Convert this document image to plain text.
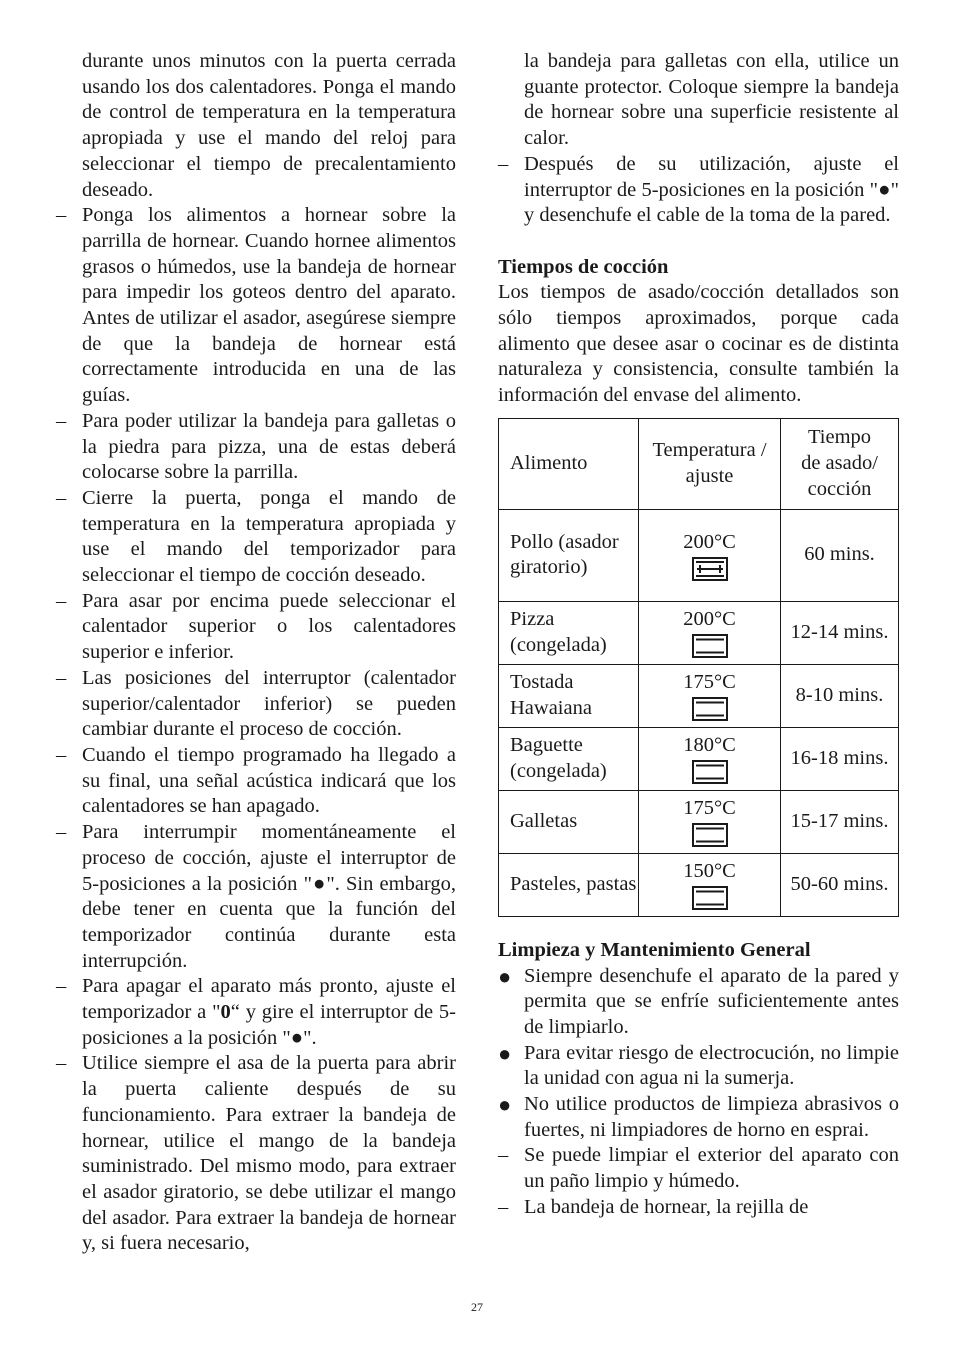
durante unos minutos con la puerta cerrada usando los dos calentadores. Ponga el mando de control de temperatura en la temperatura apropiada y use el mando del reloj para seleccionar el tiempo de precalentamiento deseado.

– Ponga los alimentos a hornear sobre la parrilla de hornear. Cuando hornee alimentos grasos o húmedos, use la bandeja de hornear para impedir los goteos dentro del aparato. Antes de utilizar el asador, asegúrese siempre de que la bandeja de hornear está correctamente introducida en una de las guías.
– Para poder utilizar la bandeja para galletas o la piedra para pizza, una de estas deberá colocarse sobre la parrilla.
– Cierre la puerta, ponga el mando de temperatura en la temperatura apropiada y use el mando del temporizador para seleccionar el tiempo de cocción deseado.
– Para asar por encima puede seleccionar el calentador superior o los calentadores superior e inferior.
– Las posiciones del interruptor (calentador superior/calentador inferior) se pueden cambiar durante el proceso de cocción.
– Cuando el tiempo programado ha llegado a su final, una señal acústica indicará que los calentadores se han apagado.
– Para interrumpir momentáneamente el proceso de cocción, ajuste el interruptor de 5-posiciones a la posición "●". Sin embargo, debe tener en cuenta que la función del temporizador continúa durante esta interrupción.
– Para apagar el aparato más pronto, ajuste el temporizador a "0“ y gire el interruptor de 5-posiciones a la posición "●".
– Utilice siempre el asa de la puerta para abrir la puerta caliente después de su funcionamiento. Para extraer la bandeja de hornear, utilice el mango de la bandeja suministrado. Del mismo modo, para extraer el asador giratorio, se debe utilizar el mango del asador. Para extraer la bandeja de hornear y, si fuera necesario,

la bandeja para galletas con ella, utilice un guante protector. Coloque siempre la bandeja de hornear sobre una superficie resistente al calor.

– Después de su utilización, ajuste el interruptor de 5-posiciones en la posición "●" y desenchufe el cable de la toma de la pared.
Tiempos de cocción

Los tiempos de asado/cocción detallados son sólo tiempos aproximados, porque cada alimento que desee asar o cocinar es de distinta naturaleza y consistencia, consulte también la información del envase del alimento.

Alimento	Temperatura / ajuste	Tiempo
de asado/
cocción
Pollo (asador giratorio)	200°C	60 mins.
Pizza (congelada)	200°C	12-14 mins.
Tostada Hawaiana	175°C	8-10 mins.
Baguette (congelada)	180°C	16-18 mins.
Galletas	175°C	15-17 mins.
Pasteles, pastas	150°C	50-60 mins.
Limpieza y Mantenimiento General
● Siempre desenchufe el aparato de la pared y permita que se enfríe suficientemente antes de limpiarlo.
● Para evitar riesgo de electrocución, no limpie la unidad con agua ni la sumerja.
● No utilice productos de limpieza abrasivos o fuertes, ni limpiadores de horno en esprai.
– Se puede limpiar el exterior del aparato con un paño limpio y húmedo.
– La bandeja de hornear, la rejilla de
27
